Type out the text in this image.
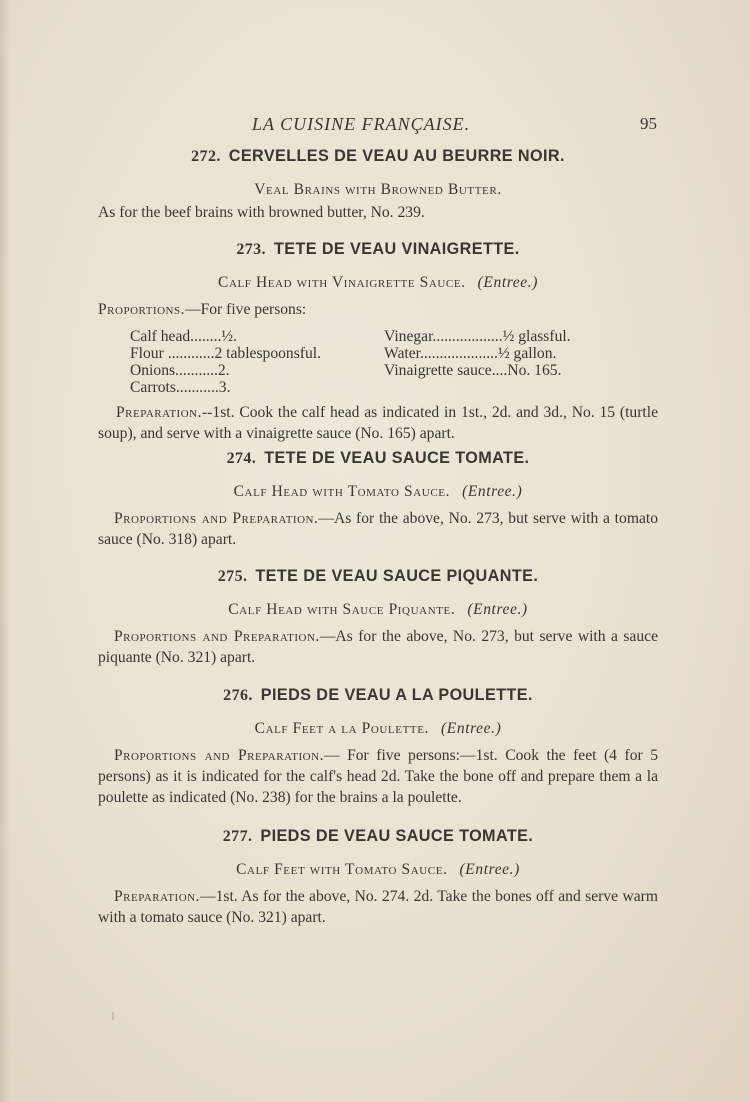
LA CUISINE FRANÇAISE.	95
272. CERVELLES DE VEAU AU BEURRE NOIR.

Veal Brains with Browned Butter.

As for the beef brains with browned butter, No. 239.

273. TETE DE VEAU VINAIGRETTE.

Calf Head with Vinaigrette Sauce. (Entree.)

Proportions.—For five persons:

Calf head........½.	Vinegar..................½ glassful.
Flour ............2 tablespoonsful.	Water....................½ gallon.
Onions...........2.	Vinaigrette sauce....No. 165.
Carrots...........3.

Preparation.--1st. Cook the calf head as indicated in 1st., 2d. and 3d., No. 15 (turtle soup), and serve with a vinaigrette sauce (No. 165) apart.

274. TETE DE VEAU SAUCE TOMATE.

Calf Head with Tomato Sauce. (Entree.)

Proportions and Preparation.—As for the above, No. 273, but serve with a tomato sauce (No. 318) apart.

275. TETE DE VEAU SAUCE PIQUANTE.

Calf Head with Sauce Piquante. (Entree.)

Proportions and Preparation.—As for the above, No. 273, but serve with a sauce piquante (No. 321) apart.

276. PIEDS DE VEAU A LA POULETTE.

Calf Feet a la Poulette. (Entree.)

Proportions and Preparation.— For five persons:—1st. Cook the feet (4 for 5 persons) as it is indicated for the calf's head 2d. Take the bone off and prepare them a la poulette as indicated (No. 238) for the brains a la poulette.

277. PIEDS DE VEAU SAUCE TOMATE.

Calf Feet with Tomato Sauce. (Entree.)

Preparation.—1st. As for the above, No. 274. 2d. Take the bones off and serve warm with a tomato sauce (No. 321) apart.
